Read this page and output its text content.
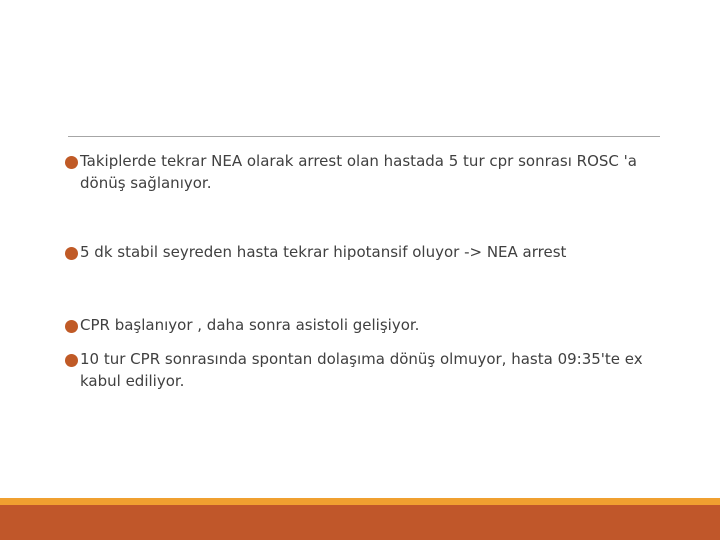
Takiplerde tekrar NEA olarak arrest olan hastada 5 tur cpr sonrası ROSC 'a dönüş sağlanıyor.
5 dk stabil seyreden hasta tekrar hipotansif oluyor -> NEA arrest
CPR başlanıyor , daha sonra asistoli gelişiyor.
10 tur CPR sonrasında spontan dolaşıma dönüş olmuyor, hasta 09:35'te ex kabul ediliyor.
